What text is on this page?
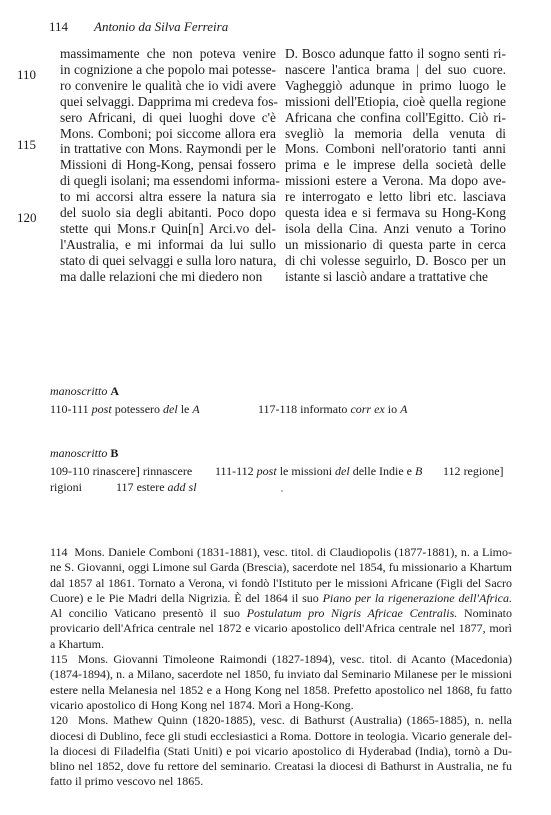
114 Antonio da Silva Ferreira
110
115
120
massimamente che non poteva venire
in cognizione a che popolo mai potesse-
ro convenire le qualità che io vidi avere
quei selvaggi. Dapprima mi credeva fos-
sero Africani, di quei luoghi dove c'è
Mons. Comboni; poi siccome allora era
in trattative con Mons. Raymondi per le
Missioni di Hong-Kong, pensai fossero
di quegli isolani; ma essendomi informa-
to mi accorsi altra essere la natura sia
del suolo sia degli abitanti. Poco dopo
stette qui Mons.r Quin[n] Arci.vo del-
l'Australia, e mi informai da lui sullo
stato di quei selvaggi e sulla loro natura,
ma dalle relazioni che mi diedero non
D. Bosco adunque fatto il sogno senti ri-
nascere l'antica brama | del suo cuore.
Vagheggiò adunque in primo luogo le
missioni dell'Etiopia, cioè quella regione
Africana che confina coll'Egitto. Ciò ri-
svegliò la memoria della venuta di
Mons. Comboni nell'oratorio tanti anni
prima e le imprese della società delle
missioni estere a Verona. Ma dopo ave-
re interrogato e letto libri etc. lasciava
questa idea e si fermava su Hong-Kong
isola della Cina. Anzi venuto a Torino
un missionario di questa parte in cerca
di chi volesse seguirlo, D. Bosco per un
istante si lasciò andare a trattative che
manoscritto A
110-111 post potessero del le A	117-118 informato corr ex io A
manoscritto B
109-110 rinascere] rinnascere 111-112 post le missioni del delle Indie e B 112 regione]
rigioni	117 estere add sl

114 Mons. Daniele Comboni (1831-1881), vesc. titol. di Claudiopolis (1877-1881), n. a Limone S. Giovanni, oggi Limone sul Garda (Brescia), sacerdote nel 1854, fu missionario a Khartum dal 1857 al 1861. Tornato a Verona, vi fondò l'Istituto per le missioni Africane (Figli del Sacro Cuore) e le Pie Madri della Nigrizia. È del 1864 il suo Piano per la rigenerazione dell'Africa. Al concilio Vaticano presentò il suo Postulatum pro Nigris Africae Centralis. Nominato provicario dell'Africa centrale nel 1872 e vicario apostolico dell'Africa centrale nel 1877, morì a Khartum.

115 Mons. Giovanni Timoleone Raimondi (1827-1894), vesc. titol. di Acanto (Macedonia) (1874-1894), n. a Milano, sacerdote nel 1850, fu inviato dal Seminario Milanese per le missioni estere nella Melanesia nel 1852 e a Hong Kong nel 1858. Prefetto apostolico nel 1868, fu fatto vicario apostolico di Hong Kong nel 1874. Morì a Hong-Kong.

120 Mons. Mathew Quinn (1820-1885), vesc. di Bathurst (Australia) (1865-1885), n. nella diocesi di Dublino, fece gli studi ecclesiastici a Roma. Dottore in teologia. Vicario generale della diocesi di Filadelfia (Stati Uniti) e poi vicario apostolico di Hyderabad (India), tornò a Dublino nel 1852, dove fu rettore del seminario. Creatasi la diocesi di Bathurst in Australia, ne fu fatto il primo vescovo nel 1865.
